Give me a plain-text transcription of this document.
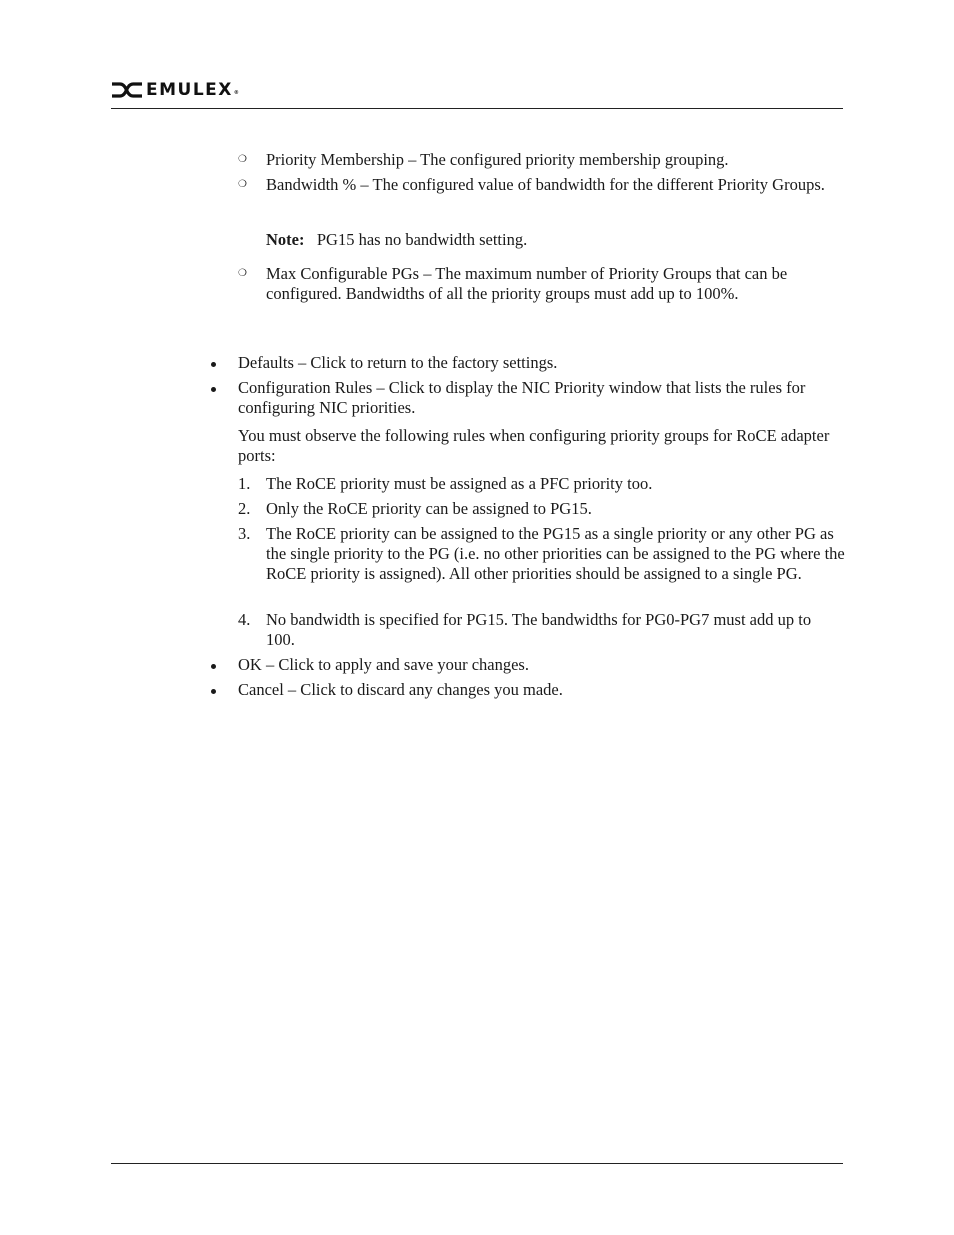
EMULEX®
❍ Priority Membership – The configured priority membership grouping.
❍ Bandwidth % – The configured value of bandwidth for the different Priority Groups.
Note: PG15 has no bandwidth setting.
❍ Max Configurable PGs – The maximum number of Priority Groups that can be configured. Bandwidths of all the priority groups must add up to 100%.
Defaults – Click to return to the factory settings.
Configuration Rules – Click to display the NIC Priority window that lists the rules for configuring NIC priorities.
You must observe the following rules when configuring priority groups for RoCE adapter ports:
1. The RoCE priority must be assigned as a PFC priority too.
2. Only the RoCE priority can be assigned to PG15.
3. The RoCE priority can be assigned to the PG15 as a single priority or any other PG as the single priority to the PG (i.e. no other priorities can be assigned to the PG where the RoCE priority is assigned). All other priorities should be assigned to a single PG.
4. No bandwidth is specified for PG15. The bandwidths for PG0-PG7 must add up to 100.
OK – Click to apply and save your changes.
Cancel – Click to discard any changes you made.
